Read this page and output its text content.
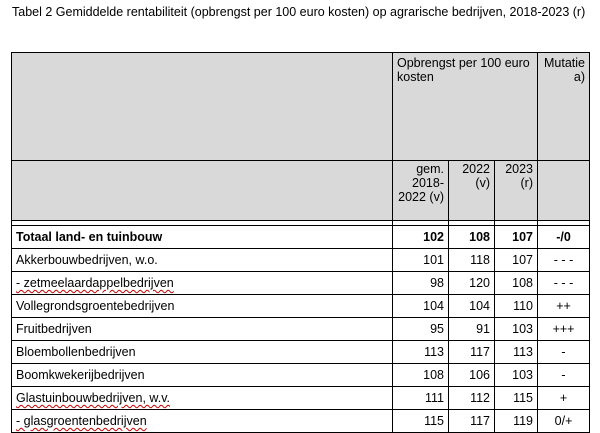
Tabel 2 Gemiddelde rentabiliteit (opbrengst per 100 euro kosten) op agrarische bedrijven, 2018-2023 (r)
	Opbrengst per 100 euro kosten			Mutatie a)
	gem. 2018-2022 (v)	2022 (v)	2023 (r)	

Totaal land- en tuinbouw	102	108	107	-/0
Akkerbouwbedrijven, w.o.	101	118	107	- - -
- zetmeelaardappelbedrijven	98	120	108	- - -
Vollegrondsgroentebedrijven	104	104	110	++
Fruitbedrijven	95	91	103	+++
Bloembollenbedrijven	113	117	113	-
Boomkwekerijbedrijven	108	106	103	-
Glastuinbouwbedrijven, w.v.	111	112	115	+
- glasgroentenbedrijven	115	117	119	0/+
